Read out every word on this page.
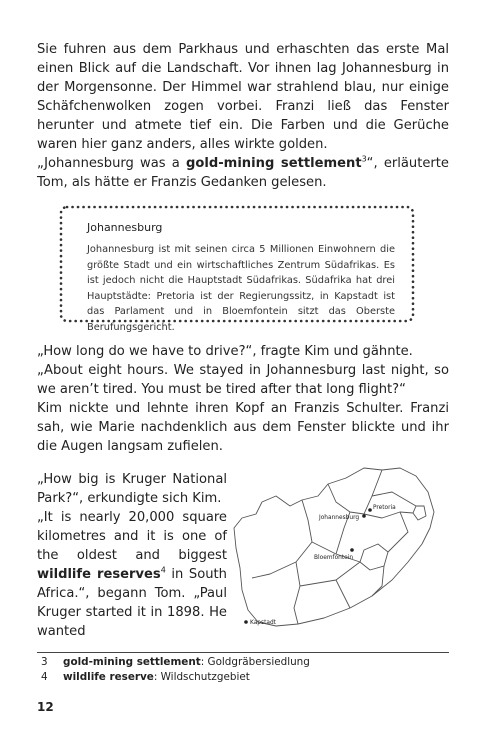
Sie fuhren aus dem Parkhaus und erhaschten das erste Mal einen Blick auf die Landschaft. Vor ihnen lag Johannesburg in der Morgensonne. Der Himmel war strahlend blau, nur einige Schäfchenwolken zogen vorbei. Franzi ließ das Fenster herunter und atmete tief ein. Die Farben und die Gerüche waren hier ganz anders, alles wirkte golden.

„Johannesburg was a gold-mining settlement$^3$“, erläuterte Tom, als hätte er Franzis Gedanken gelesen.

Johannesburg

Johannesburg ist mit seinen circa 5 Millionen Einwohnern die größte Stadt und ein wirtschaftliches Zentrum Südafrikas. Es ist jedoch nicht die Hauptstadt Südafrikas. Südafrika hat drei Hauptstädte: Pretoria ist der Regierungssitz, in Kapstadt ist das Parlament und in Bloemfontein sitzt das Oberste Berufungsgericht.

„How long do we have to drive?“, fragte Kim und gähnte.

„About eight hours. We stayed in Johannesburg last night, so we aren’t tired. You must be tired after that long flight?“

Kim nickte und lehnte ihren Kopf an Franzis Schulter. Franzi sah, wie Marie nachdenklich aus dem Fenster blickte und ihr die Augen langsam zufielen.

„How big is Kruger National Park?“, erkundigte sich Kim.

„It is nearly 20,000 square kilometres and it is one of the oldest and biggest wildlife reserves$^4$ in South Africa.“, begann Tom. „Paul Kruger started it in 1898. He wanted

Pretoria
Johannesburg
Bloemfontein
Kapstadt
3 gold-mining settlement: Goldgräbersiedlung
4 wildlife reserve: Wildschutzgebiet
12
